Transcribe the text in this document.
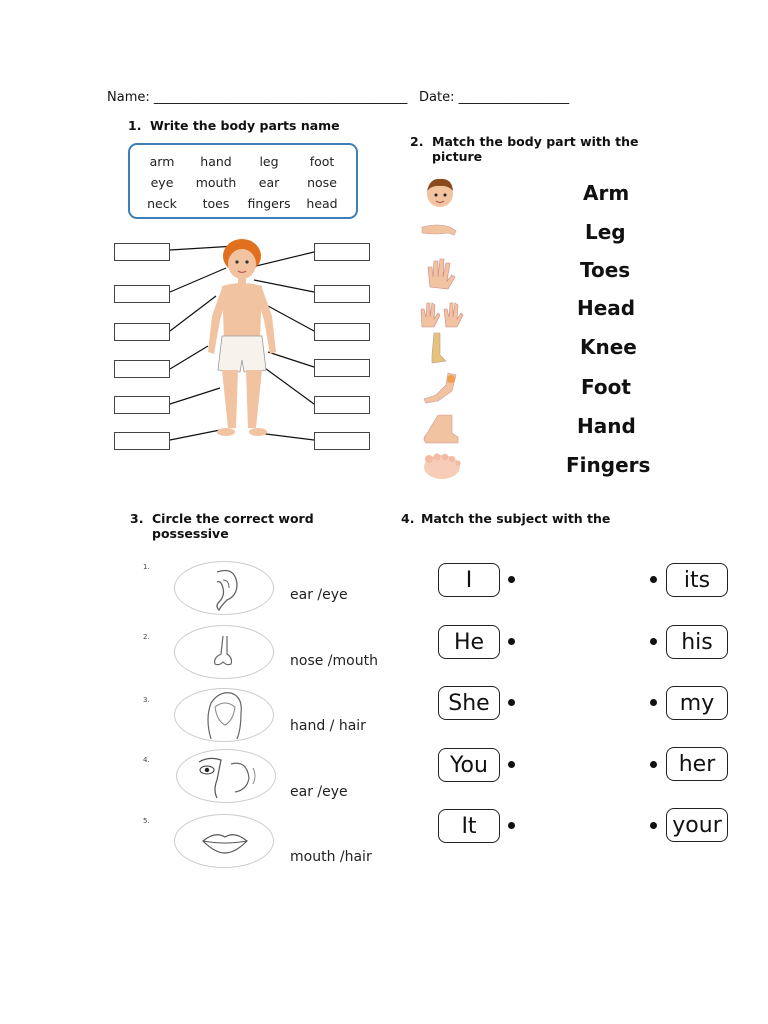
Name: _______________________________________ Date: _________________
1. Write the body parts name
arm	hand	leg	foot
eye	mouth	ear	nose
neck	toes	fingers	head
2. Match the body part with the
picture
Arm
Leg
Toes
Head
Knee
Foot
Hand
Fingers
3. Circle the correct word
possessive
1.
ear /eye
2.
nose /mouth
3.
hand / hair
4.
ear /eye
5.
mouth /hair
4. Match the subject with the
I
He
She
You
It
its
his
my
her
your
